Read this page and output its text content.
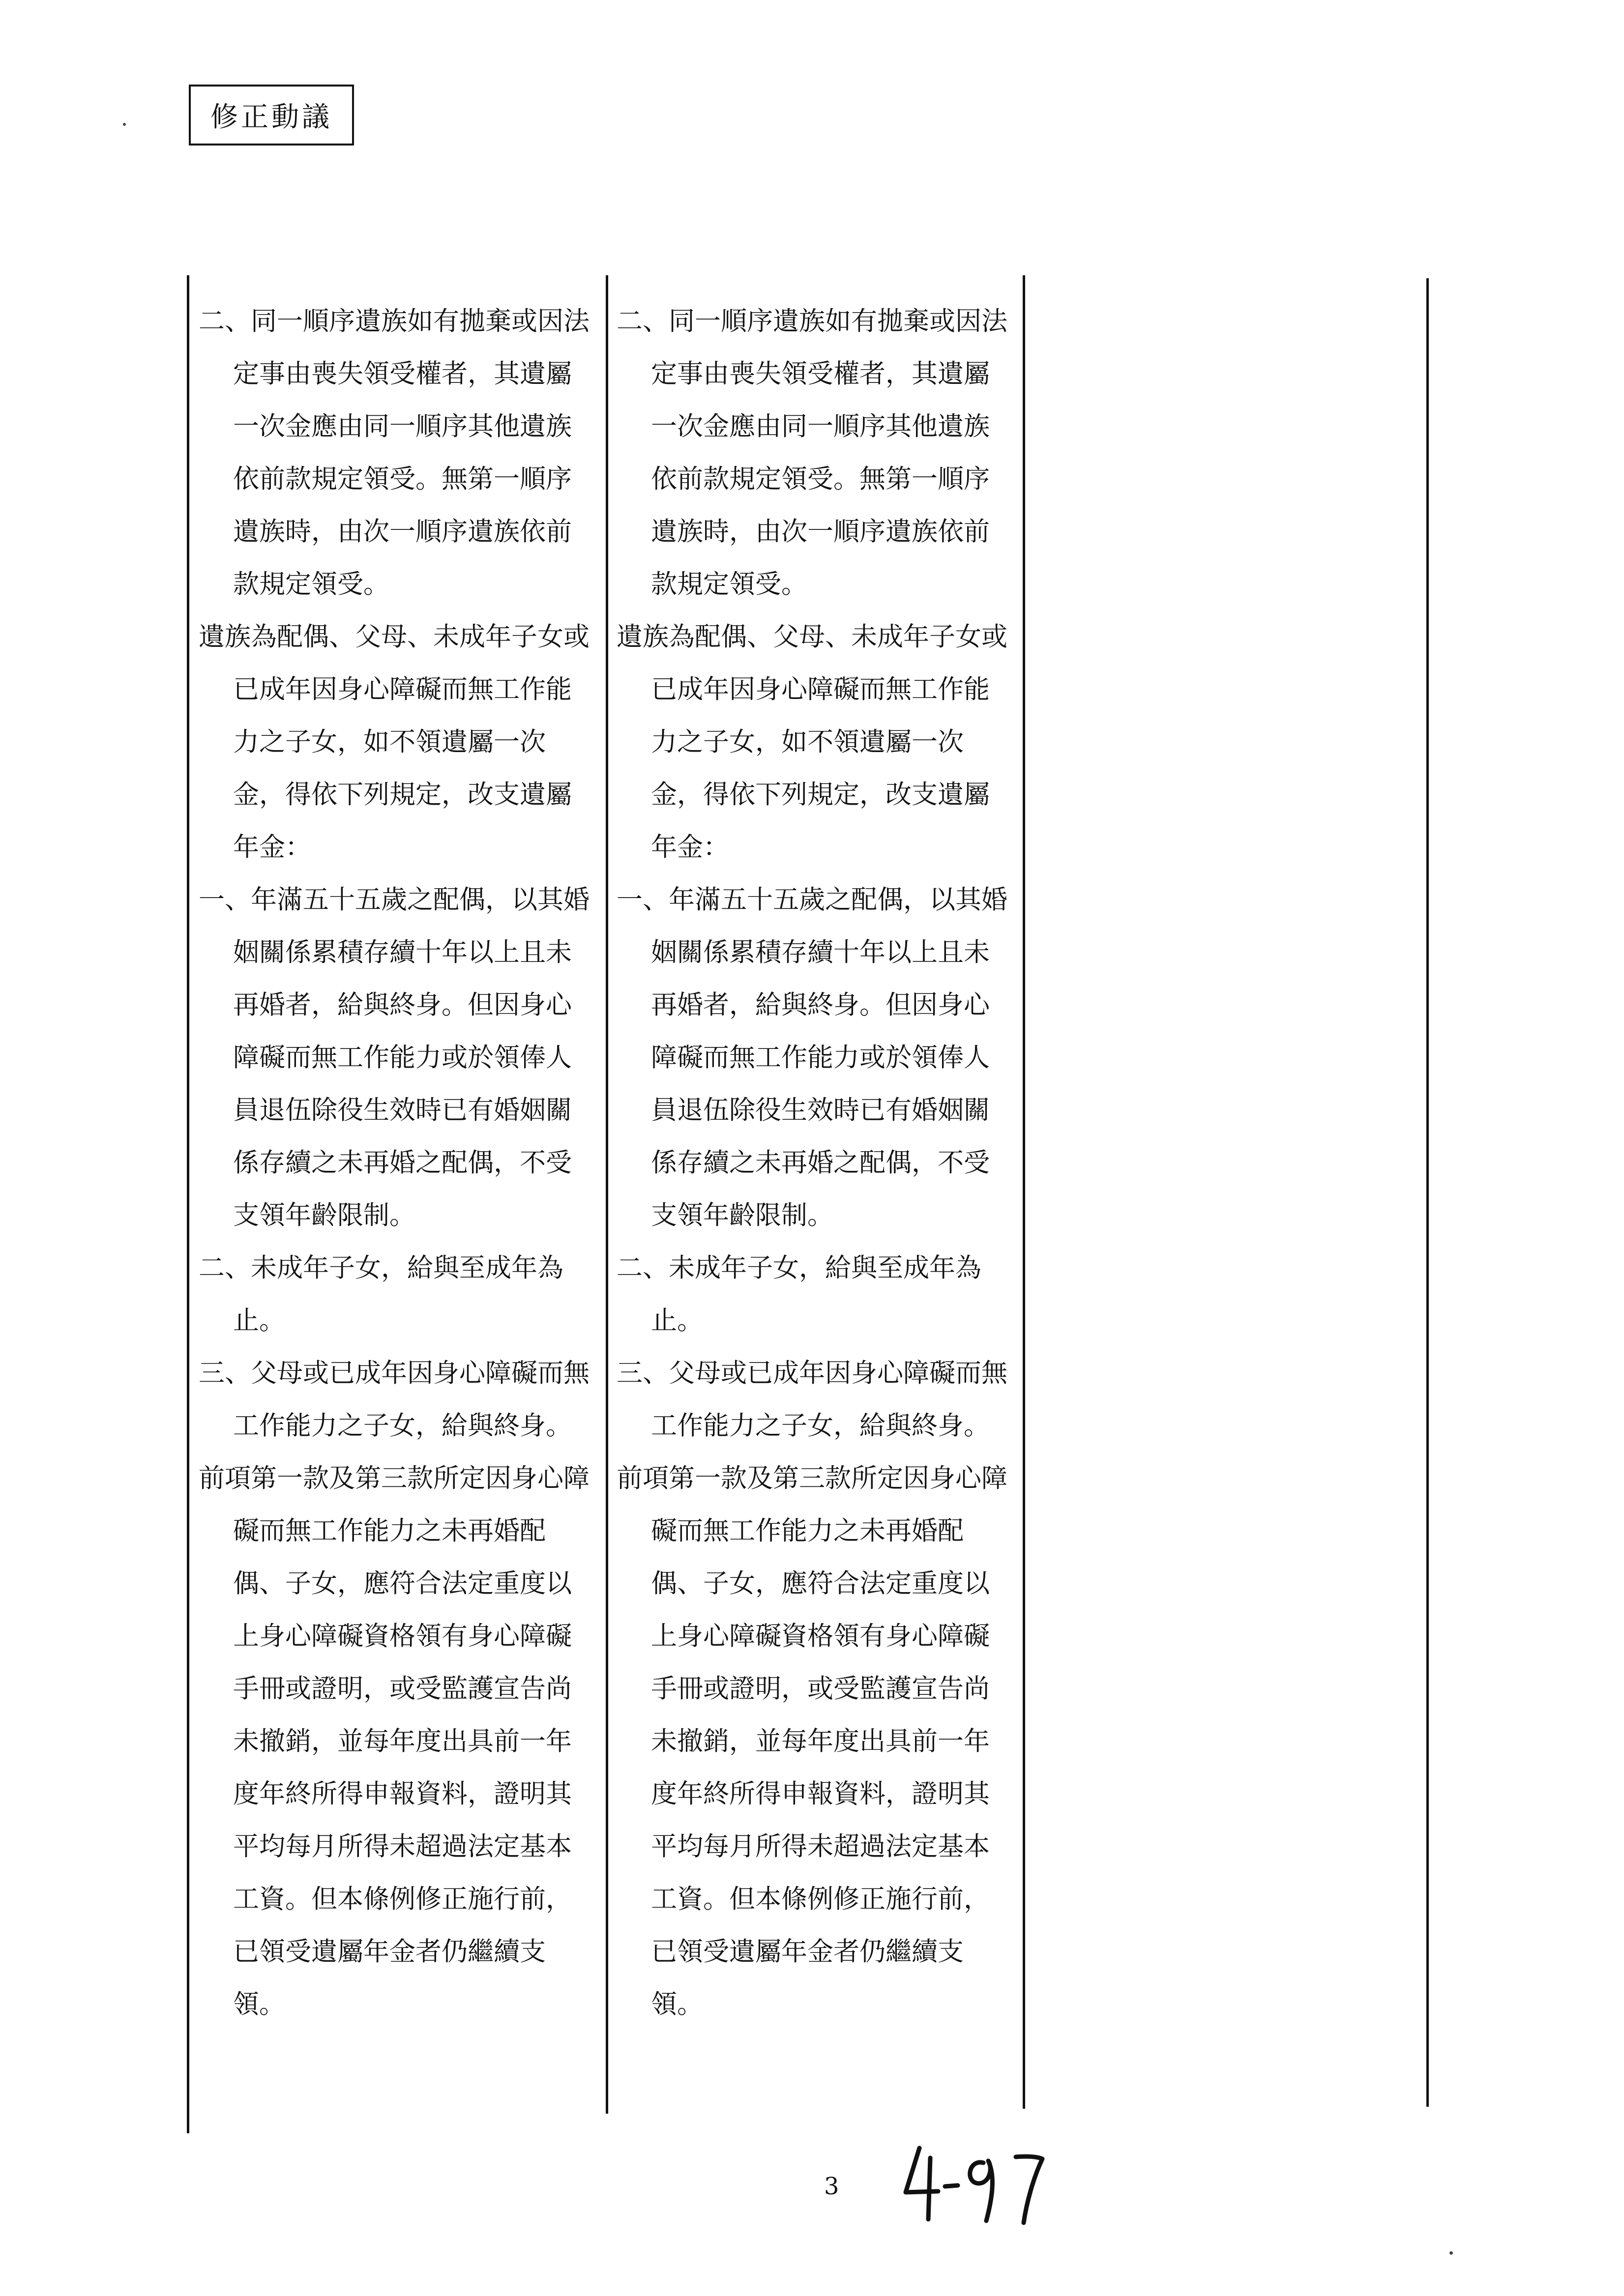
修正動議

二、同一順序遺族如有拋棄或因法定事由喪失領受權者，其遺屬一次金應由同一順序其他遺族依前款規定領受。無第一順序遺族時，由次一順序遺族依前款規定領受。

遺族為配偶、父母、未成年子女或已成年因身心障礙而無工作能力之子女，如不領遺屬一次金，得依下列規定，改支遺屬年金：

一、年滿五十五歲之配偶，以其婚姻關係累積存續十年以上且未再婚者，給與終身。但因身心障礙而無工作能力或於領俸人員退伍除役生效時已有婚姻關係存續之未再婚之配偶，不受支領年齡限制。

二、未成年子女，給與至成年為止。

三、父母或已成年因身心障礙而無工作能力之子女，給與終身。

前項第一款及第三款所定因身心障礙而無工作能力之未再婚配偶、子女，應符合法定重度以上身心障礙資格領有身心障礙手冊或證明，或受監護宣告尚未撤銷，並每年度出具前一年度年終所得申報資料，證明其平均每月所得未超過法定基本工資。但本條例修正施行前，已領受遺屬年金者仍繼續支領。

二、同一順序遺族如有拋棄或因法定事由喪失領受權者，其遺屬一次金應由同一順序其他遺族依前款規定領受。無第一順序遺族時，由次一順序遺族依前款規定領受。

遺族為配偶、父母、未成年子女或已成年因身心障礙而無工作能力之子女，如不領遺屬一次金，得依下列規定，改支遺屬年金：

一、年滿五十五歲之配偶，以其婚姻關係累積存續十年以上且未再婚者，給與終身。但因身心障礙而無工作能力或於領俸人員退伍除役生效時已有婚姻關係存續之未再婚之配偶，不受支領年齡限制。

二、未成年子女，給與至成年為止。

三、父母或已成年因身心障礙而無工作能力之子女，給與終身。

前項第一款及第三款所定因身心障礙而無工作能力之未再婚配偶、子女，應符合法定重度以上身心障礙資格領有身心障礙手冊或證明，或受監護宣告尚未撤銷，並每年度出具前一年度年終所得申報資料，證明其平均每月所得未超過法定基本工資。但本條例修正施行前，已領受遺屬年金者仍繼續支領。

3
